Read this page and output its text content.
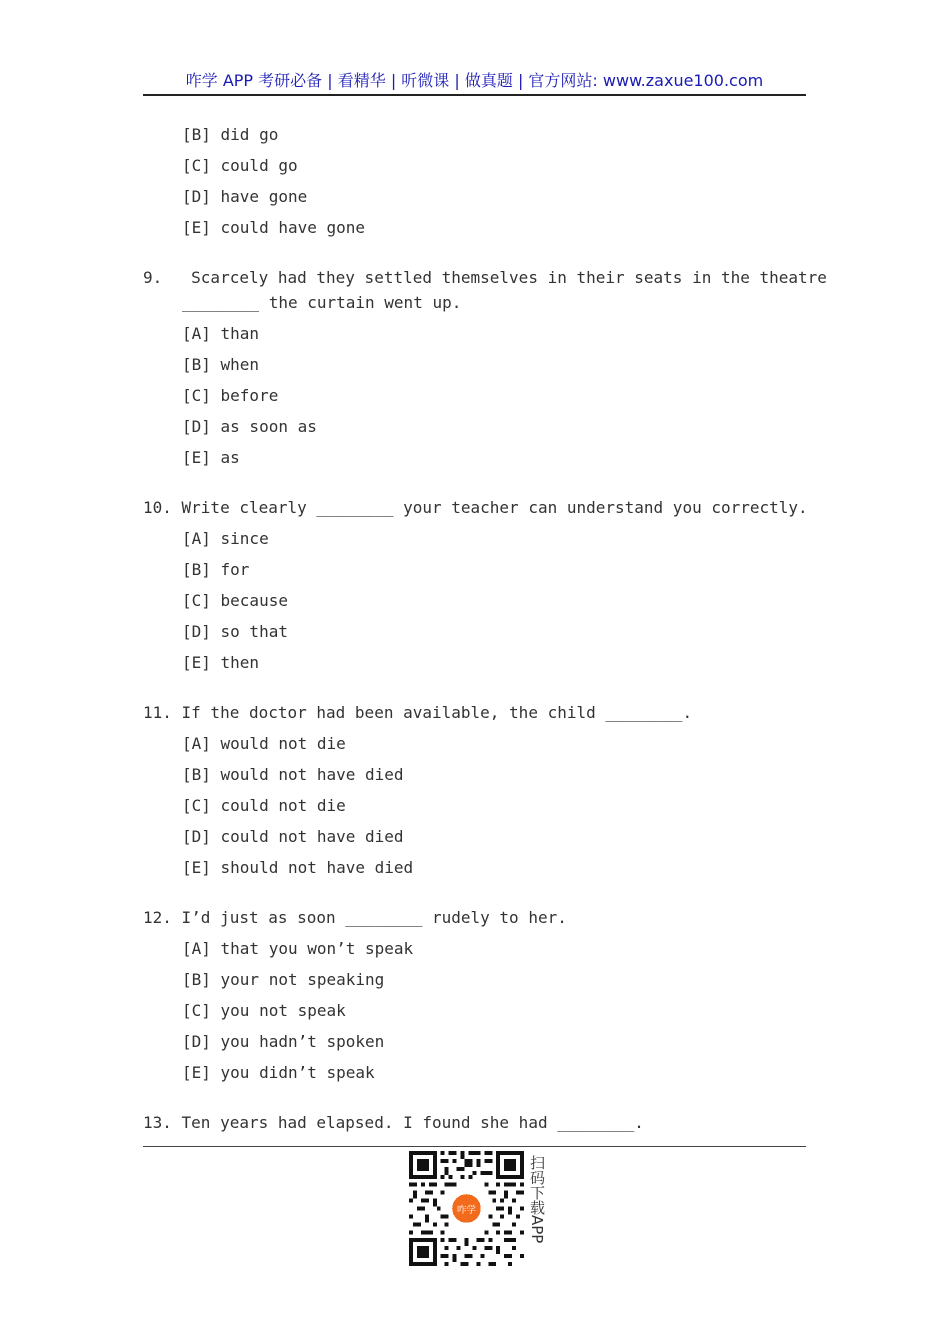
咋学 APP 考研必备 | 看精华 | 听微课 | 做真题 | 官方网站: www.zaxue100.com
[B] did go
[C] could go
[D] have gone
[E] could have gone
9.   Scarcely had they settled themselves in their seats in the theatre
________ the curtain went up.
[A] than
[B] when
[C] before
[D] as soon as
[E] as
10. Write clearly ________ your teacher can understand you correctly.
[A] since
[B] for
[C] because
[D] so that
[E] then
11. If the doctor had been available, the child ________.
[A] would not die
[B] would not have died
[C] could not die
[D] could not have died
[E] should not have died
12. I’d just as soon ________ rudely to her.
[A] that you won’t speak
[B] your not speaking
[C] you not speak
[D] you hadn’t spoken
[E] you didn’t speak
13. Ten years had elapsed. I found she had ________.
咋学	扫码下载APP
